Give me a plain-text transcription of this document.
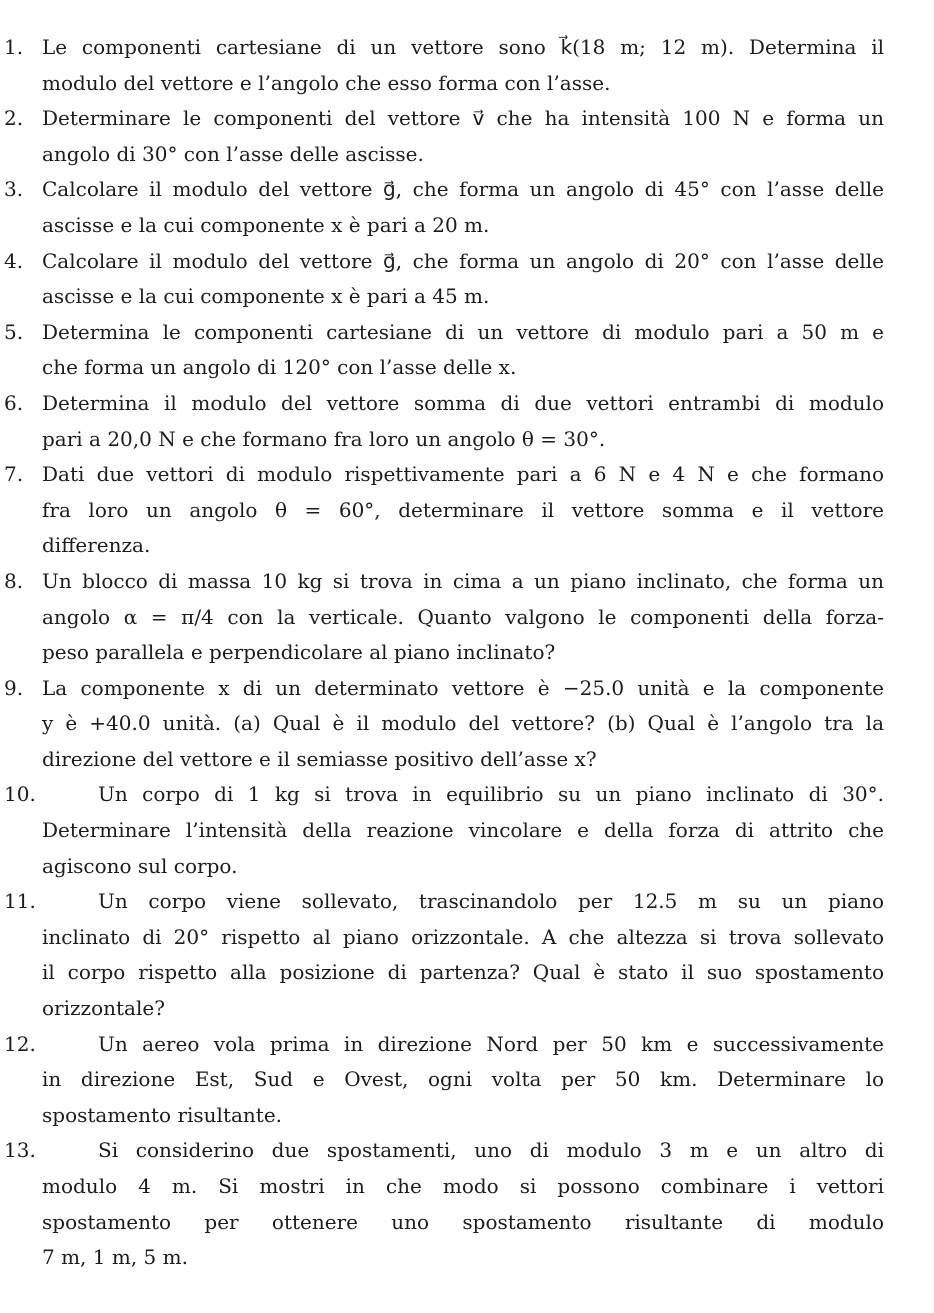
1. Le componenti cartesiane di un vettore sono k⃗(18 m; 12 m). Determina il
modulo del vettore e l’angolo che esso forma con l’asse.
2. Determinare le componenti del vettore v⃗ che ha intensità 100 N e forma un
angolo di 30° con l’asse delle ascisse.
3. Calcolare il modulo del vettore g⃗, che forma un angolo di 45° con l’asse delle
ascisse e la cui componente x è pari a 20 m.
4. Calcolare il modulo del vettore g⃗, che forma un angolo di 20° con l’asse delle
ascisse e la cui componente x è pari a 45 m.
5. Determina le componenti cartesiane di un vettore di modulo pari a 50 m e
che forma un angolo di 120° con l’asse delle x.
6. Determina il modulo del vettore somma di due vettori entrambi di modulo
pari a 20,0 N e che formano fra loro un angolo θ = 30°.
7. Dati due vettori di modulo rispettivamente pari a 6 N e 4 N e che formano
fra loro un angolo θ = 60°, determinare il vettore somma e il vettore
differenza.
8. Un blocco di massa 10 kg si trova in cima a un piano inclinato, che forma un
angolo α = π/4 con la verticale. Quanto valgono le componenti della forza-
peso parallela e perpendicolare al piano inclinato?
9. La componente x di un determinato vettore è −25.0 unità e la componente
y è +40.0 unità. (a) Qual è il modulo del vettore? (b) Qual è l’angolo tra la
direzione del vettore e il semiasse positivo dell’asse x?
10.	Un corpo di 1 kg si trova in equilibrio su un piano inclinato di 30°.
Determinare l’intensità della reazione vincolare e della forza di attrito che
agiscono sul corpo.
11.	Un corpo viene sollevato, trascinandolo per 12.5 m su un piano
inclinato di 20° rispetto al piano orizzontale. A che altezza si trova sollevato
il corpo rispetto alla posizione di partenza? Qual è stato il suo spostamento
orizzontale?
12.	Un aereo vola prima in direzione Nord per 50 km e successivamente
in direzione Est, Sud e Ovest, ogni volta per 50 km. Determinare lo
spostamento risultante.
13.	Si considerino due spostamenti, uno di modulo 3 m e un altro di
modulo 4 m. Si mostri in che modo si possono combinare i vettori
spostamento per ottenere uno spostamento risultante di modulo
7 m, 1 m, 5 m.
